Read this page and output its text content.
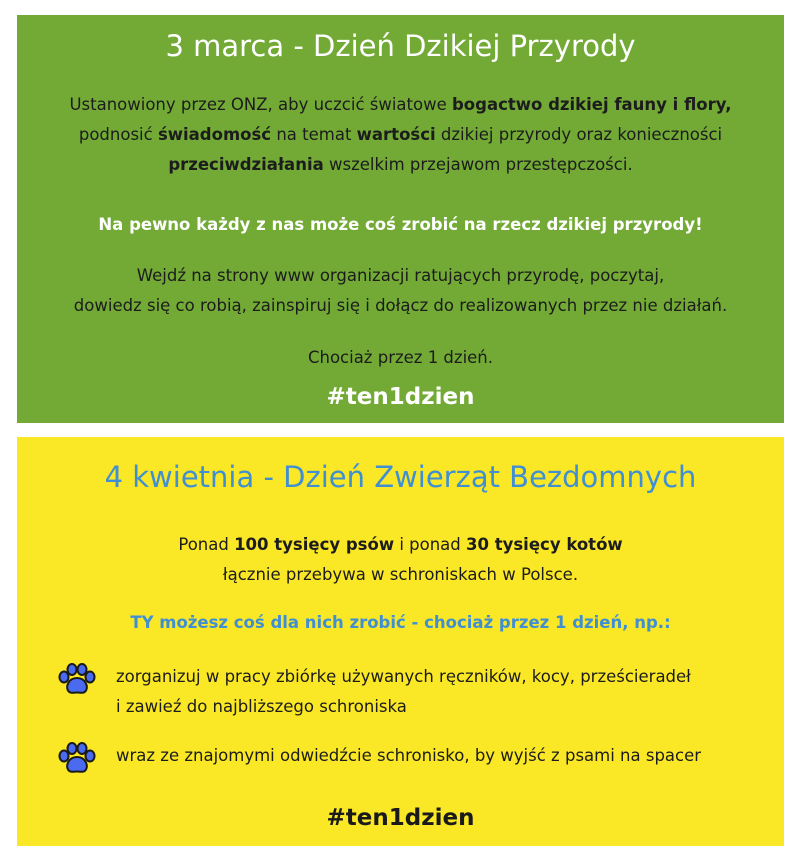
3 marca - Dzień Dzikiej Przyrody
Ustanowiony przez ONZ, aby uczcić światowe bogactwo dzikiej fauny i flory,
podnosić świadomość na temat wartości dzikiej przyrody oraz konieczności
przeciwdziałania wszelkim przejawom przestępczości.
Na pewno każdy z nas może coś zrobić na rzecz dzikiej przyrody!
Wejdź na strony www organizacji ratujących przyrodę, poczytaj,
dowiedz się co robią, zainspiruj się i dołącz do realizowanych przez nie działań.
Chociaż przez 1 dzień.
#ten1dzien
4 kwietnia - Dzień Zwierząt Bezdomnych
Ponad 100 tysięcy psów i ponad 30 tysięcy kotów
łącznie przebywa w schroniskach w Polsce.
TY możesz coś dla nich zrobić - chociaż przez 1 dzień, np.:
zorganizuj w pracy zbiórkę używanych ręczników, kocy, prześcieradeł
i zawieź do najbliższego schroniska
wraz ze znajomymi odwiedźcie schronisko, by wyjść z psami na spacer
#ten1dzien
